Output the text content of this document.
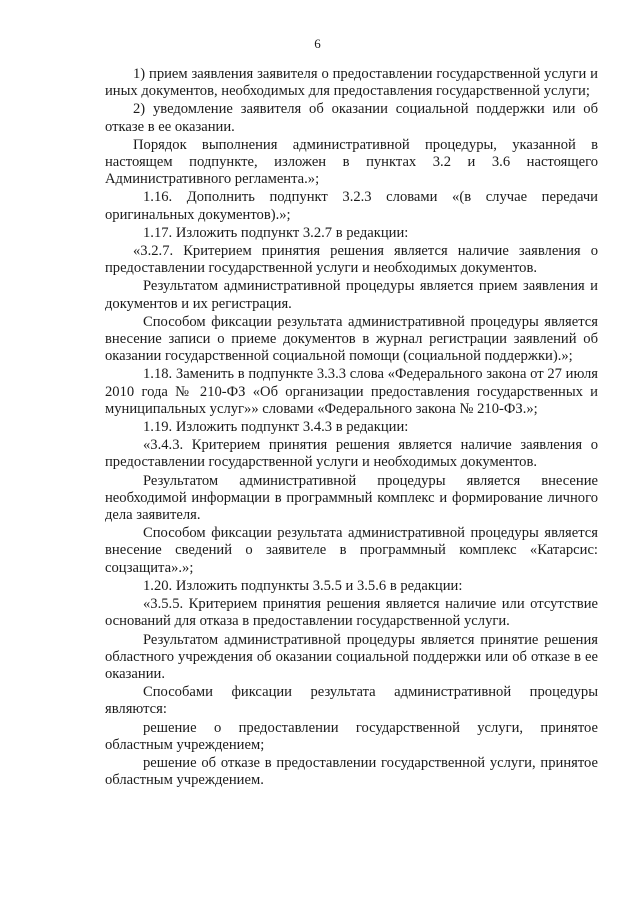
6

1) прием заявления заявителя о предоставлении государственной услуги и иных документов, необходимых для предоставления государственной услуги;

2) уведомление заявителя об оказании социальной поддержки или об отказе в ее оказании.

Порядок выполнения административной процедуры, указанной в настоящем подпункте, изложен в пунктах 3.2 и 3.6 настоящего Административного регламента.»;

1.16. Дополнить подпункт 3.2.3 словами «(в случае передачи оригинальных документов).»;

1.17. Изложить подпункт 3.2.7 в редакции:

«3.2.7. Критерием принятия решения является наличие заявления о предоставлении государственной услуги и необходимых документов.

Результатом административной процедуры является прием заявления и документов и их регистрация.

Способом фиксации результата административной процедуры является внесение записи о приеме документов в журнал регистрации заявлений об оказании государственной социальной помощи (социальной поддержки).»;

1.18. Заменить в подпункте 3.3.3 слова «Федерального закона от 27 июля 2010 года № 210-ФЗ «Об организации предоставления государственных и муниципальных услуг»» словами «Федерального закона № 210-ФЗ.»;

1.19. Изложить подпункт 3.4.3 в редакции:

«3.4.3. Критерием принятия решения является наличие заявления о предоставлении государственной услуги и необходимых документов.

Результатом административной процедуры является внесение необходимой информации в программный комплекс и формирование личного дела заявителя.

Способом фиксации результата административной процедуры является внесение сведений о заявителе в программный комплекс «Катарсис: соцзащита».»;

1.20. Изложить подпункты 3.5.5 и 3.5.6 в редакции:

«3.5.5. Критерием принятия решения является наличие или отсутствие оснований для отказа в предоставлении государственной услуги.

Результатом административной процедуры является принятие решения областного учреждения об оказании социальной поддержки или об отказе в ее оказании.

Способами фиксации результата административной процедуры являются:

решение о предоставлении государственной услуги, принятое областным учреждением;

решение об отказе в предоставлении государственной услуги, принятое областным учреждением.
